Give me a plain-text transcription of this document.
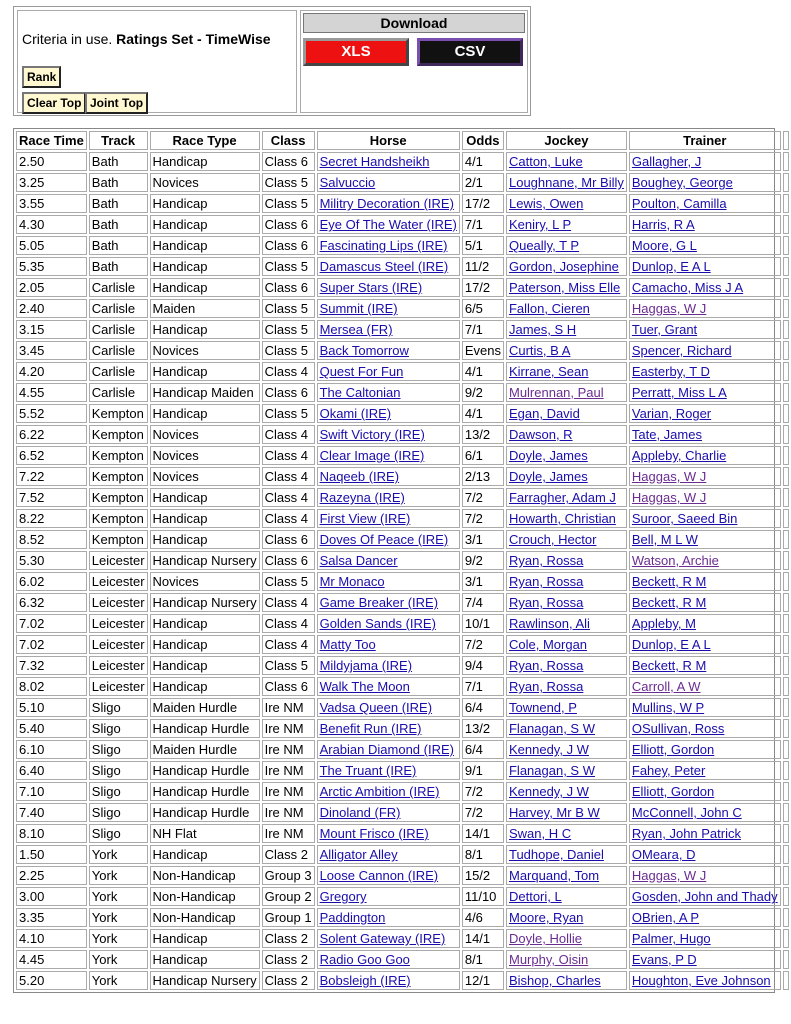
Criteria in use. Ratings Set - TimeWise
Rank
Clear Top Joint Top
Download
XLS	CSV
Race Time	Track	Race Type	Class	Horse	Odds	Jockey	Trainer	
2.50	Bath	Handicap	Class 6	Secret Handsheikh	4/1	Catton, Luke	Gallagher, J	
3.25	Bath	Novices	Class 5	Salvuccio	2/1	Loughnane, Mr Billy	Boughey, George	
3.55	Bath	Handicap	Class 5	Militry Decoration (IRE)	17/2	Lewis, Owen	Poulton, Camilla	
4.30	Bath	Handicap	Class 6	Eye Of The Water (IRE)	7/1	Keniry, L P	Harris, R A	
5.05	Bath	Handicap	Class 6	Fascinating Lips (IRE)	5/1	Queally, T P	Moore, G L	
5.35	Bath	Handicap	Class 5	Damascus Steel (IRE)	11/2	Gordon, Josephine	Dunlop, E A L	
2.05	Carlisle	Handicap	Class 6	Super Stars (IRE)	17/2	Paterson, Miss Elle	Camacho, Miss J A	
2.40	Carlisle	Maiden	Class 5	Summit (IRE)	6/5	Fallon, Cieren	Haggas, W J	
3.15	Carlisle	Handicap	Class 5	Mersea (FR)	7/1	James, S H	Tuer, Grant	
3.45	Carlisle	Novices	Class 5	Back Tomorrow	Evens	Curtis, B A	Spencer, Richard	
4.20	Carlisle	Handicap	Class 4	Quest For Fun	4/1	Kirrane, Sean	Easterby, T D	
4.55	Carlisle	Handicap Maiden	Class 6	The Caltonian	9/2	Mulrennan, Paul	Perratt, Miss L A	
5.52	Kempton	Handicap	Class 5	Okami (IRE)	4/1	Egan, David	Varian, Roger	
6.22	Kempton	Novices	Class 4	Swift Victory (IRE)	13/2	Dawson, R	Tate, James	
6.52	Kempton	Novices	Class 4	Clear Image (IRE)	6/1	Doyle, James	Appleby, Charlie	
7.22	Kempton	Novices	Class 4	Naqeeb (IRE)	2/13	Doyle, James	Haggas, W J	
7.52	Kempton	Handicap	Class 4	Razeyna (IRE)	7/2	Farragher, Adam J	Haggas, W J	
8.22	Kempton	Handicap	Class 4	First View (IRE)	7/2	Howarth, Christian	Suroor, Saeed Bin	
8.52	Kempton	Handicap	Class 6	Doves Of Peace (IRE)	3/1	Crouch, Hector	Bell, M L W	
5.30	Leicester	Handicap Nursery	Class 6	Salsa Dancer	9/2	Ryan, Rossa	Watson, Archie	
6.02	Leicester	Novices	Class 5	Mr Monaco	3/1	Ryan, Rossa	Beckett, R M	
6.32	Leicester	Handicap Nursery	Class 4	Game Breaker (IRE)	7/4	Ryan, Rossa	Beckett, R M	
7.02	Leicester	Handicap	Class 4	Golden Sands (IRE)	10/1	Rawlinson, Ali	Appleby, M	
7.02	Leicester	Handicap	Class 4	Matty Too	7/2	Cole, Morgan	Dunlop, E A L	
7.32	Leicester	Handicap	Class 5	Mildyjama (IRE)	9/4	Ryan, Rossa	Beckett, R M	
8.02	Leicester	Handicap	Class 6	Walk The Moon	7/1	Ryan, Rossa	Carroll, A W	
5.10	Sligo	Maiden Hurdle	Ire NM	Vadsa Queen (IRE)	6/4	Townend, P	Mullins, W P	
5.40	Sligo	Handicap Hurdle	Ire NM	Benefit Run (IRE)	13/2	Flanagan, S W	OSullivan, Ross	
6.10	Sligo	Maiden Hurdle	Ire NM	Arabian Diamond (IRE)	6/4	Kennedy, J W	Elliott, Gordon	
6.40	Sligo	Handicap Hurdle	Ire NM	The Truant (IRE)	9/1	Flanagan, S W	Fahey, Peter	
7.10	Sligo	Handicap Hurdle	Ire NM	Arctic Ambition (IRE)	7/2	Kennedy, J W	Elliott, Gordon	
7.40	Sligo	Handicap Hurdle	Ire NM	Dinoland (FR)	7/2	Harvey, Mr B W	McConnell, John C	
8.10	Sligo	NH Flat	Ire NM	Mount Frisco (IRE)	14/1	Swan, H C	Ryan, John Patrick	
1.50	York	Handicap	Class 2	Alligator Alley	8/1	Tudhope, Daniel	OMeara, D	
2.25	York	Non-Handicap	Group 3	Loose Cannon (IRE)	15/2	Marquand, Tom	Haggas, W J	
3.00	York	Non-Handicap	Group 2	Gregory	11/10	Dettori, L	Gosden, John and Thady	
3.35	York	Non-Handicap	Group 1	Paddington	4/6	Moore, Ryan	OBrien, A P	
4.10	York	Handicap	Class 2	Solent Gateway (IRE)	14/1	Doyle, Hollie	Palmer, Hugo	
4.45	York	Handicap	Class 2	Radio Goo Goo	8/1	Murphy, Oisin	Evans, P D	
5.20	York	Handicap Nursery	Class 2	Bobsleigh (IRE)	12/1	Bishop, Charles	Houghton, Eve Johnson	
